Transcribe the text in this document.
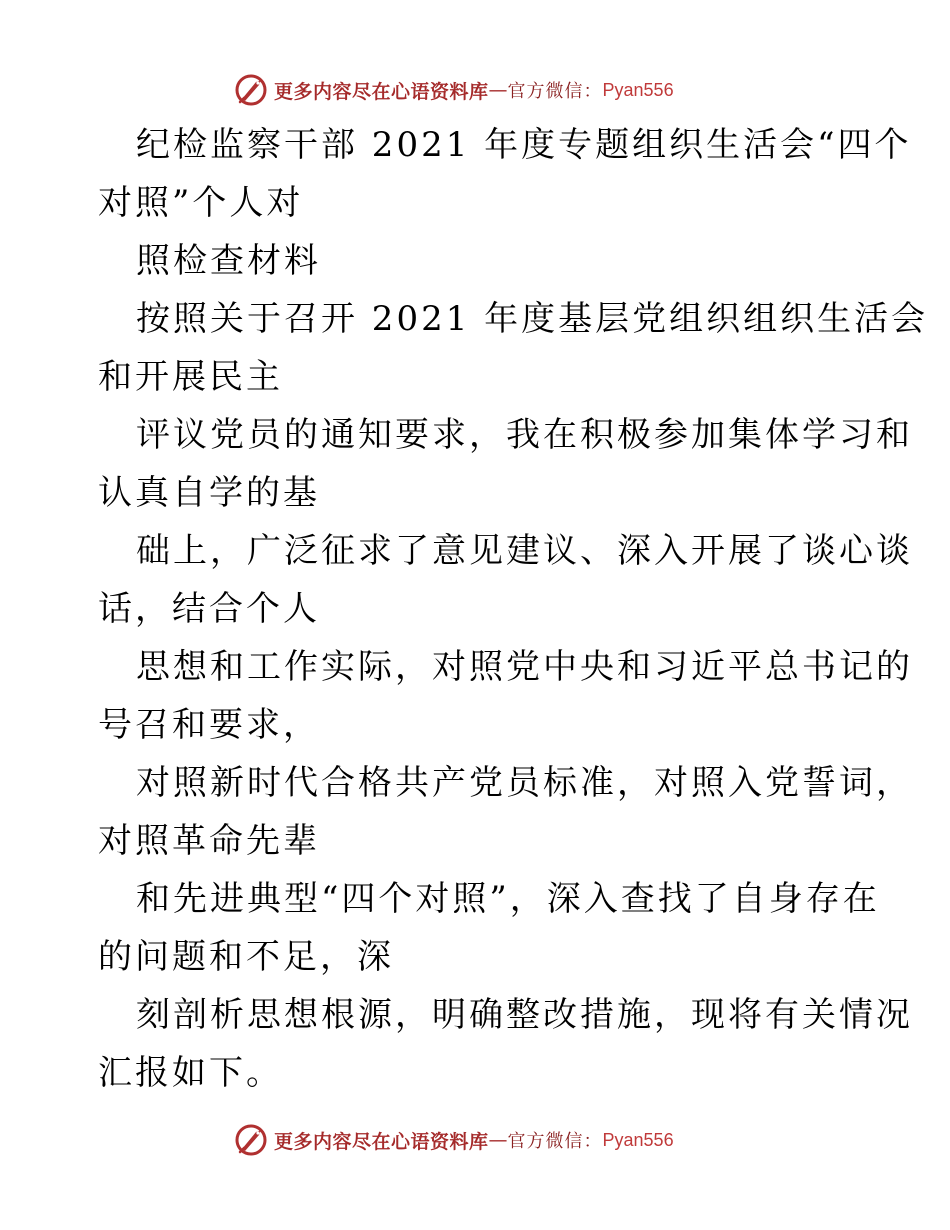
更多内容尽在心语资料库 — 官方微信： Pyan556
纪检监察干部 2021 年度专题组织生活会“四个
对照”个人对
照检查材料
按照关于召开 2021 年度基层党组织组织生活会
和开展民主
评议党员的通知要求，我在积极参加集体学习和
认真自学的基
础上，广泛征求了意见建议、深入开展了谈心谈
话，结合个人
思想和工作实际，对照党中央和习近平总书记的
号召和要求，
对照新时代合格共产党员标准，对照入党誓词，
对照革命先辈
和先进典型“四个对照”，深入查找了自身存在
的问题和不足，深
刻剖析思想根源，明确整改措施，现将有关情况
汇报如下。
更多内容尽在心语资料库 — 官方微信： Pyan556
